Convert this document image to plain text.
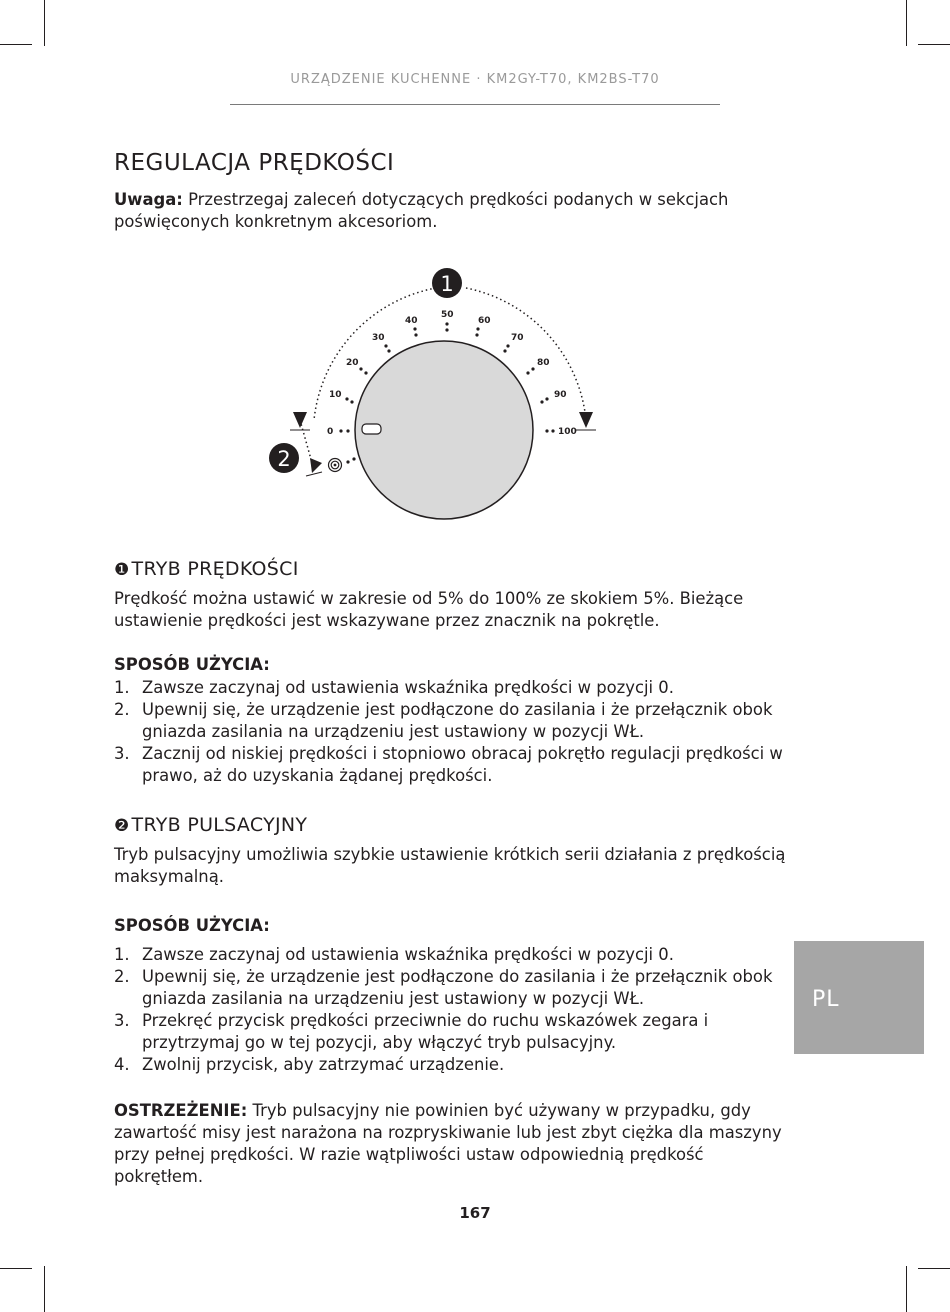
URZĄDZENIE KUCHENNE · KM2GY-T70, KM2BS-T70
REGULACJA PRĘDKOŚCI

Uwaga: Przestrzegaj zaleceń dotyczących prędkości podanych w sekcjach poświęconych konkretnym akcesoriom.

0
10
20
30
40
50
60
70
80
90
100
1
2
❶ TRYB PRĘDKOŚCI

Prędkość można ustawić w zakresie od 5% do 100% ze skokiem 5%. Bieżące ustawienie prędkości jest wskazywane przez znacznik na pokrętle.

SPOSÓB UŻYCIA:
1. Zawsze zaczynaj od ustawienia wskaźnika prędkości w pozycji 0.
2. Upewnij się, że urządzenie jest podłączone do zasilania i że przełącznik obok gniazda zasilania na urządzeniu jest ustawiony w pozycji WŁ.
3. Zacznij od niskiej prędkości i stopniowo obracaj pokrętło regulacji prędkości w prawo, aż do uzyskania żądanej prędkości.
❷ TRYB PULSACYJNY

Tryb pulsacyjny umożliwia szybkie ustawienie krótkich serii działania z prędkością maksymalną.

SPOSÓB UŻYCIA:
1. Zawsze zaczynaj od ustawienia wskaźnika prędkości w pozycji 0.
2. Upewnij się, że urządzenie jest podłączone do zasilania i że przełącznik obok gniazda zasilania na urządzeniu jest ustawiony w pozycji WŁ.
3. Przekręć przycisk prędkości przeciwnie do ruchu wskazówek zegara i przytrzymaj go w tej pozycji, aby włączyć tryb pulsacyjny.
4. Zwolnij przycisk, aby zatrzymać urządzenie.

OSTRZEŻENIE: Tryb pulsacyjny nie powinien być używany w przypadku, gdy zawartość misy jest narażona na rozpryskiwanie lub jest zbyt ciężka dla maszyny przy pełnej prędkości. W razie wątpliwości ustaw odpowiednią prędkość pokrętłem.

PL
167
